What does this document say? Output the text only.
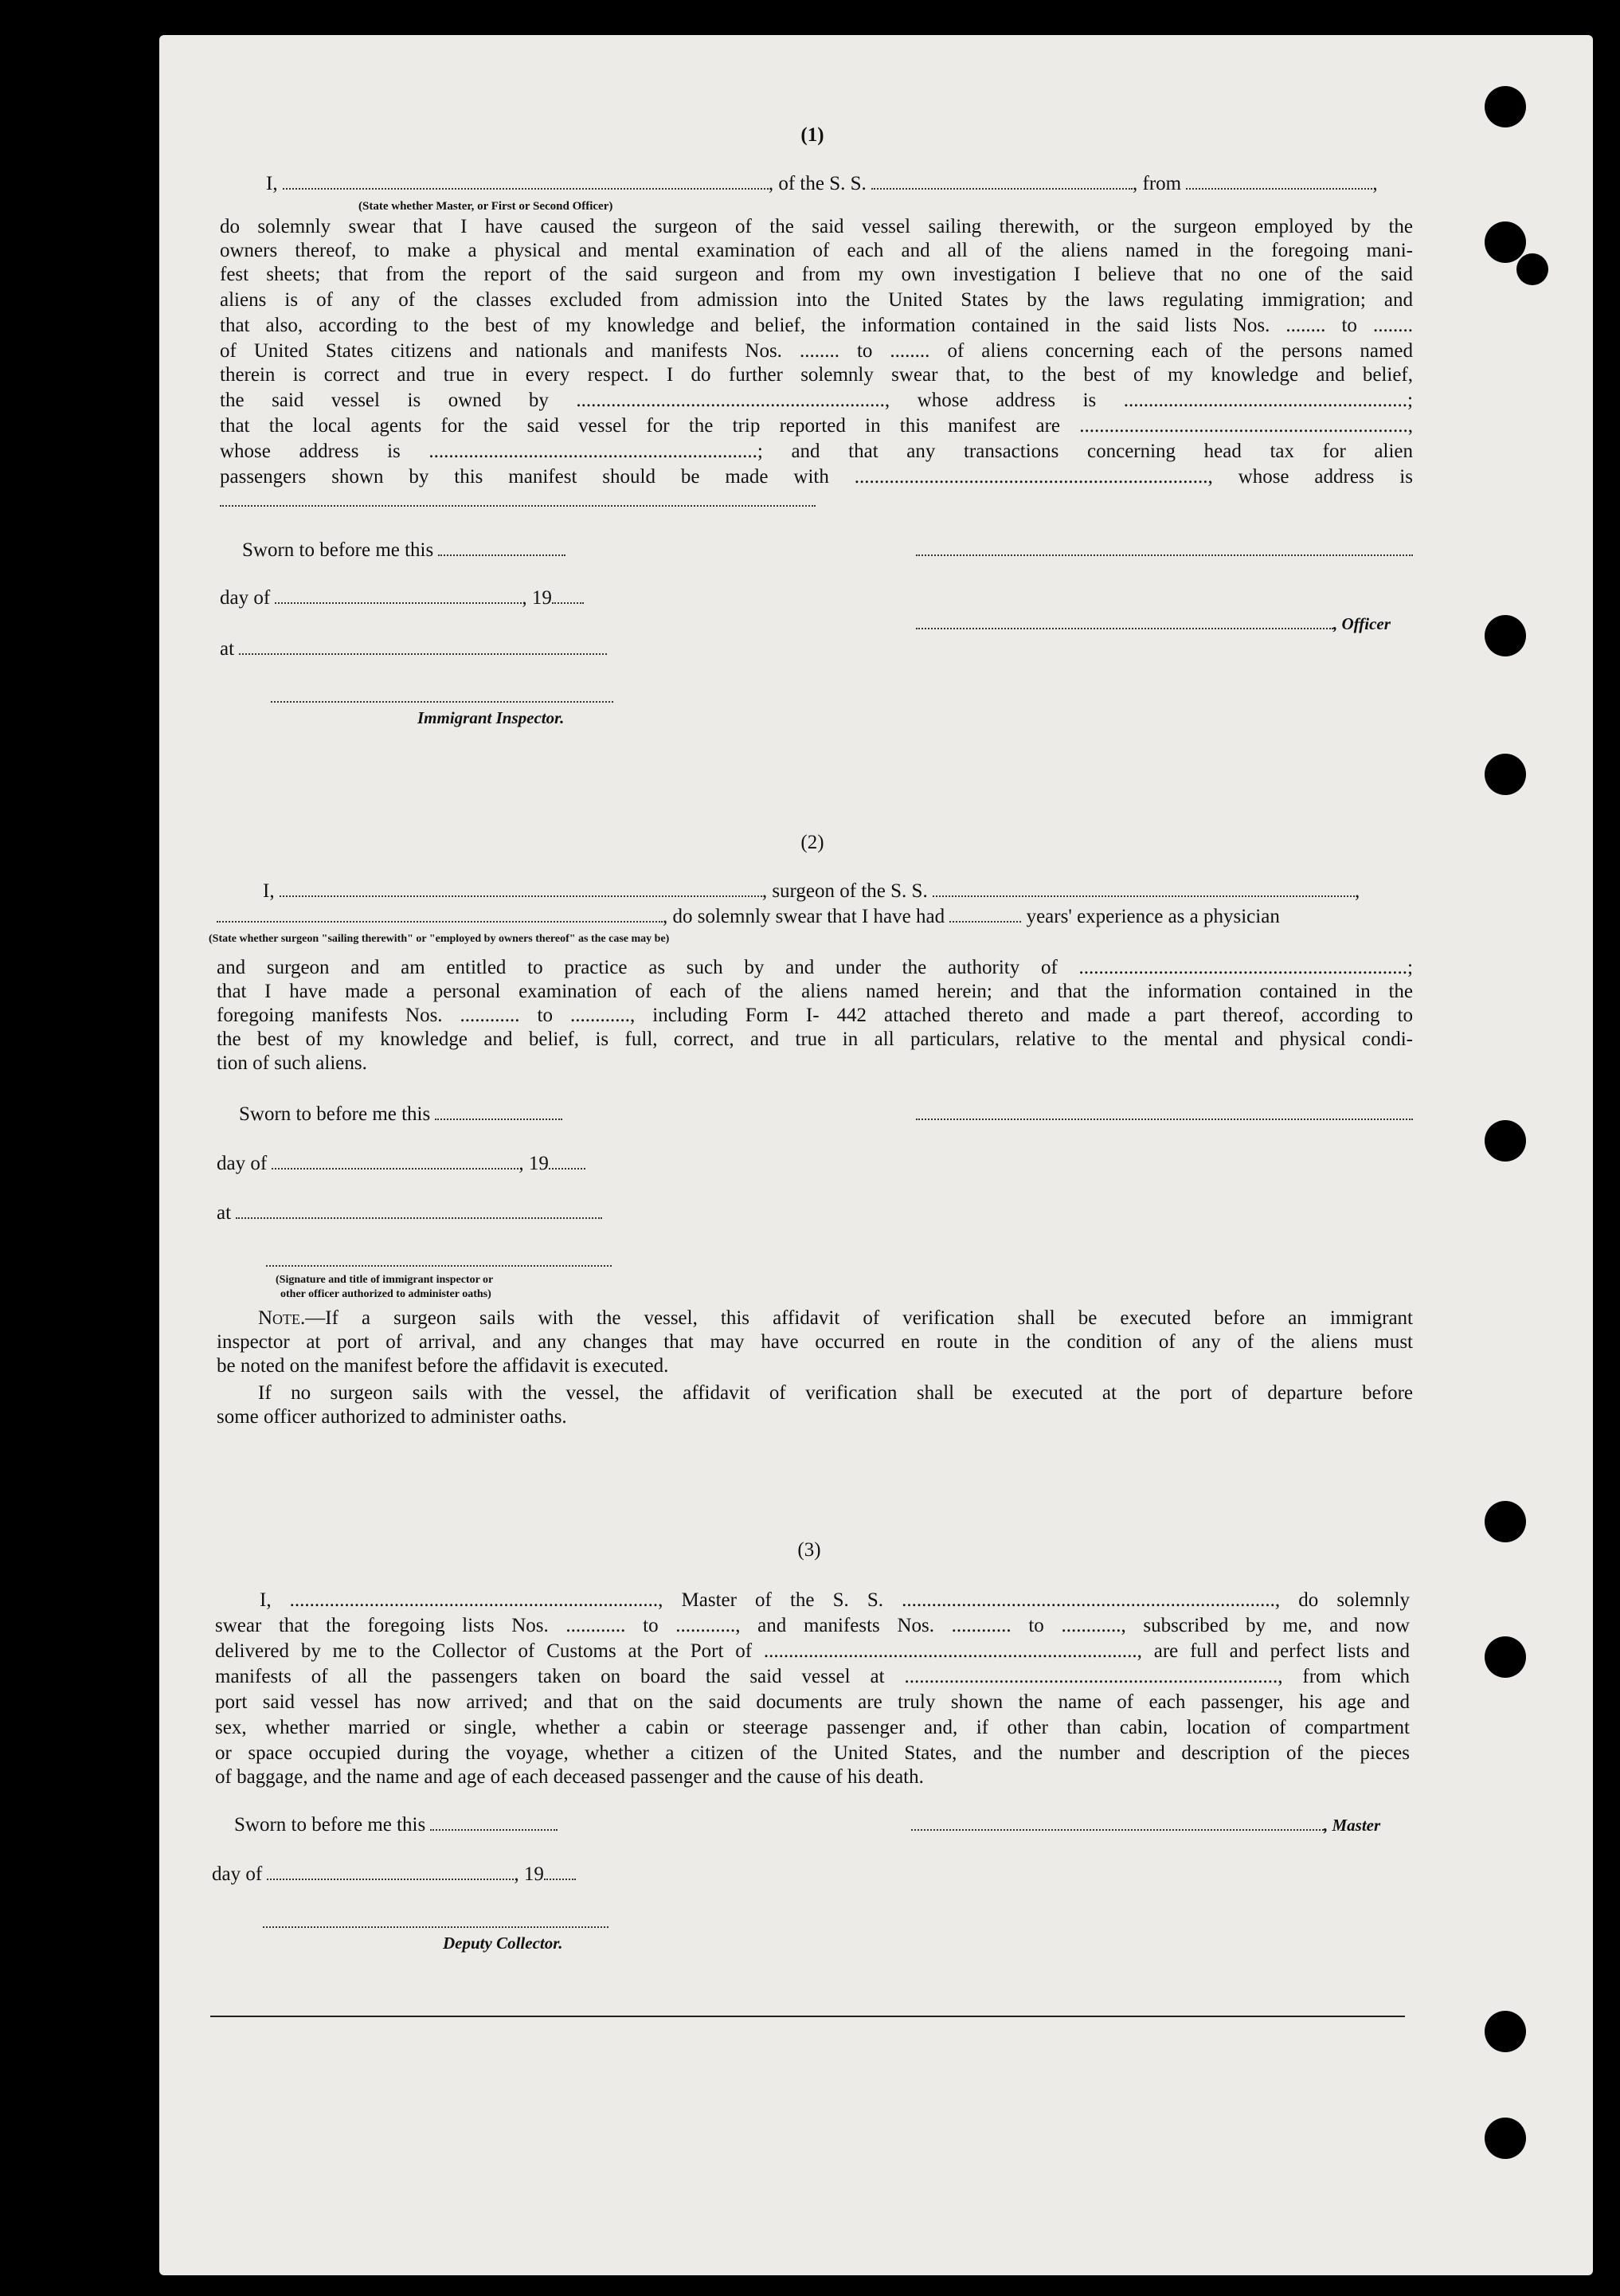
(1)
I,	, of the S. S.	, from	,
(State whether Master, or First or Second Officer)
do solemnly swear that I have caused the surgeon of the said vessel sailing therewith, or the surgeon employed by the
owners thereof, to make a physical and mental examination of each and all of the aliens named in the foregoing mani-
fest sheets; that from the report of the said surgeon and from my own investigation I believe that no one of the said
aliens is of any of the classes excluded from admission into the United States by the laws regulating immigration; and
that also, according to the best of my knowledge and belief, the information contained in the said lists Nos. ........ to ........
of United States citizens and nationals and manifests Nos. ........ to ........ of aliens concerning each of the persons named
therein is correct and true in every respect. I do further solemnly swear that, to the best of my knowledge and belief,
the said vessel is owned by .............................................................., whose address is .........................................................;
that the local agents for the said vessel for the trip reported in this manifest are ..................................................................,
whose address is ..................................................................; and that any transactions concerning head tax for alien
passengers shown by this manifest should be made with ......................................................................., whose address is
Sworn to before me this
day of	, 19
, Officer
at
Immigrant Inspector.
(2)
I,	, surgeon of the S. S.	,
, do solemnly swear that I have had	years' experience as a physician
(State whether surgeon "sailing therewith" or "employed by owners thereof" as the case may be)
and surgeon and am entitled to practice as such by and under the authority of ..................................................................;
that I have made a personal examination of each of the aliens named herein; and that the information contained in the
foregoing manifests Nos. ............ to ............, including Form I- 442 attached thereto and made a part thereof, according to
the best of my knowledge and belief, is full, correct, and true in all particulars, relative to the mental and physical condi-
tion of such aliens.
Sworn to before me this
day of	, 19
at
(Signature and title of immigrant inspector or
other officer authorized to administer oaths)
Note.—If a surgeon sails with the vessel, this affidavit of verification shall be executed before an immigrant
inspector at port of arrival, and any changes that may have occurred en route in the condition of any of the aliens must
be noted on the manifest before the affidavit is executed.
If no surgeon sails with the vessel, the affidavit of verification shall be executed at the port of departure before
some officer authorized to administer oaths.
(3)
I, .........................................................................., Master of the S. S. ..........................................................................., do solemnly
swear that the foregoing lists Nos. ............ to ............, and manifests Nos. ............ to ............, subscribed by me, and now
delivered by me to the Collector of Customs at the Port of ..........................................................................., are full and perfect lists and
manifests of all the passengers taken on board the said vessel at ..........................................................................., from which
port said vessel has now arrived; and that on the said documents are truly shown the name of each passenger, his age and
sex, whether married or single, whether a cabin or steerage passenger and, if other than cabin, location of compartment
or space occupied during the voyage, whether a citizen of the United States, and the number and description of the pieces
of baggage, and the name and age of each deceased passenger and the cause of his death.
Sworn to before me this	, Master
day of	, 19
Deputy Collector.
